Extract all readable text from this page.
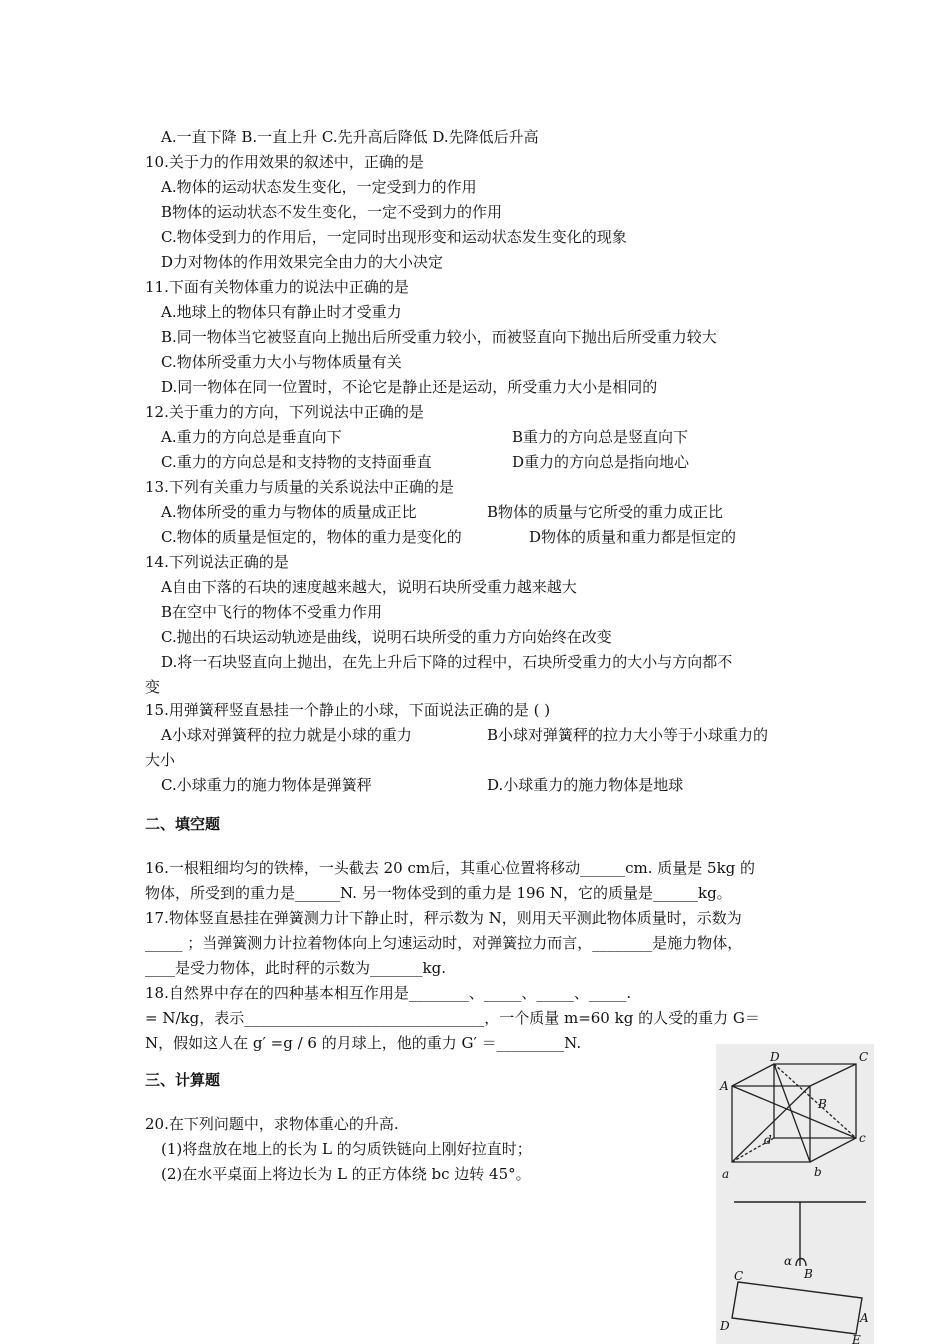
A.一直下降 B.一直上升 C.先升高后降低 D.先降低后升高
10.关于力的作用效果的叙述中，正确的是
A.物体的运动状态发生变化，一定受到力的作用
B物体的运动状态不发生变化，一定不受到力的作用
C.物体受到力的作用后，一定同时出现形变和运动状态发生变化的现象
D力对物体的作用效果完全由力的大小决定
11.下面有关物体重力的说法中正确的是
A.地球上的物体只有静止时才受重力
B.同一物体当它被竖直向上抛出后所受重力较小，而被竖直向下抛出后所受重力较大
C.物体所受重力大小与物体质量有关
D.同一物体在同一位置时，不论它是静止还是运动，所受重力大小是相同的
12.关于重力的方向，下列说法中正确的是
A.重力的方向总是垂直向下	B重力的方向总是竖直向下
C.重力的方向总是和支持物的支持面垂直	D重力的方向总是指向地心
13.下列有关重力与质量的关系说法中正确的是
A.物体所受的重力与物体的质量成正比	B物体的质量与它所受的重力成正比
C.物体的质量是恒定的，物体的重力是变化的	D物体的质量和重力都是恒定的
14.下列说法正确的是
A自由下落的石块的速度越来越大，说明石块所受重力越来越大
B在空中飞行的物体不受重力作用
C.抛出的石块运动轨迹是曲线，说明石块所受的重力方向始终在改变
D.将一石块竖直向上抛出，在先上升后下降的过程中，石块所受重力的大小与方向都不
变
15.用弹簧秤竖直悬挂一个静止的小球，下面说法正确的是 ( )
A小球对弹簧秤的拉力就是小球的重力	B小球对弹簧秤的拉力大小等于小球重力的
大小
C.小球重力的施力物体是弹簧秤	D.小球重力的施力物体是地球
二、填空题
16.一根粗细均匀的铁棒，一头截去 20 cm后，其重心位置将移动______cm. 质量是 5kg 的
物体，所受到的重力是______N. 另一物体受到的重力是 196 N，它的质量是______kg。
17.物体竖直悬挂在弹簧测力计下静止时，秤示数为 N，则用天平测此物体质量时，示数为
_____ ；当弹簧测力计拉着物体向上匀速运动时，对弹簧拉力而言，________是施力物体，
____是受力物体，此时秤的示数为_______kg.
18.自然界中存在的四种基本相互作用是________、_____、_____、_____.
= N/kg，表示________________________________，一个质量 m=60 kg 的人受的重力 G＝
N，假如这人在 g′ =g / 6 的月球上，他的重力 G′ ＝_________N.
三、计算题
20.在下列问题中，求物体重心的升高.
(1)将盘放在地上的长为 L 的匀质铁链向上刚好拉直时；
(2)在水平桌面上将边长为 L 的正方体绕 bc 边转 45°。
D	C
A
B
d	c
a	b
α
B
C
A
D
E
